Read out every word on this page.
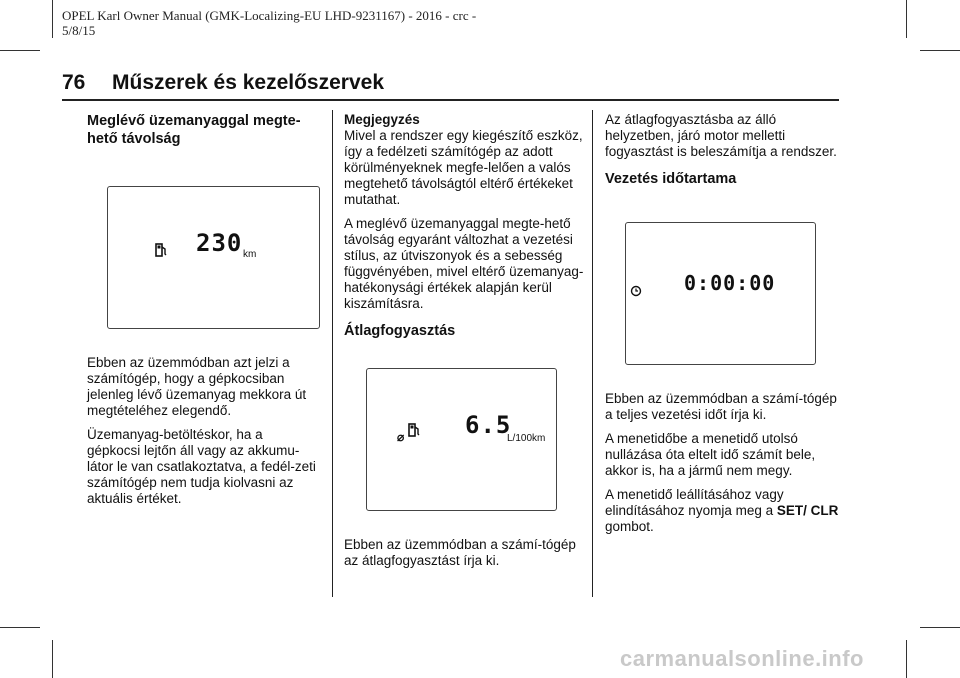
OPEL Karl Owner Manual (GMK-Localizing-EU LHD-9231167) - 2016 - crc -
5/8/15
76 Műszerek és kezelőszervek
Meglévő üzemanyaggal megte-hető távolság
230 km

Ebben az üzemmódban azt jelzi a számítógép, hogy a gépkocsiban jelenleg lévő üzemanyag mekkora út megtételéhez elegendő.

Üzemanyag-betöltéskor, ha a gépkocsi lejtőn áll vagy az akkumu-látor le van csatlakoztatva, a fedél-zeti számítógép nem tudja kiolvasni az aktuális értéket.

Megjegyzés

Mivel a rendszer egy kiegészítő eszköz, így a fedélzeti számítógép az adott körülményeknek megfe-lelően a valós megtehető távolságtól eltérő értékeket mutathat.

A meglévő üzemanyaggal megte-hető távolság egyaránt változhat a vezetési stílus, az útviszonyok és a sebesség függvényében, mivel eltérő üzemanyag-hatékonysági értékek alapján kerül kiszámításra.

Átlagfogyasztás
⌀	6.5
L/100km

Ebben az üzemmódban a számí-tógép az átlagfogyasztást írja ki.

Az átlagfogyasztásba az álló helyzetben, járó motor melletti fogyasztást is beleszámítja a rendszer.

Vezetés időtartama
0:00:00

Ebben az üzemmódban a számí-tógép a teljes vezetési időt írja ki.

A menetidőbe a menetidő utolsó nullázása óta eltelt idő számít bele, akkor is, ha a jármű nem megy.

A menetidő leállításához vagy elindításához nyomja meg a SET/ CLR gombot.

carmanualsonline.info
